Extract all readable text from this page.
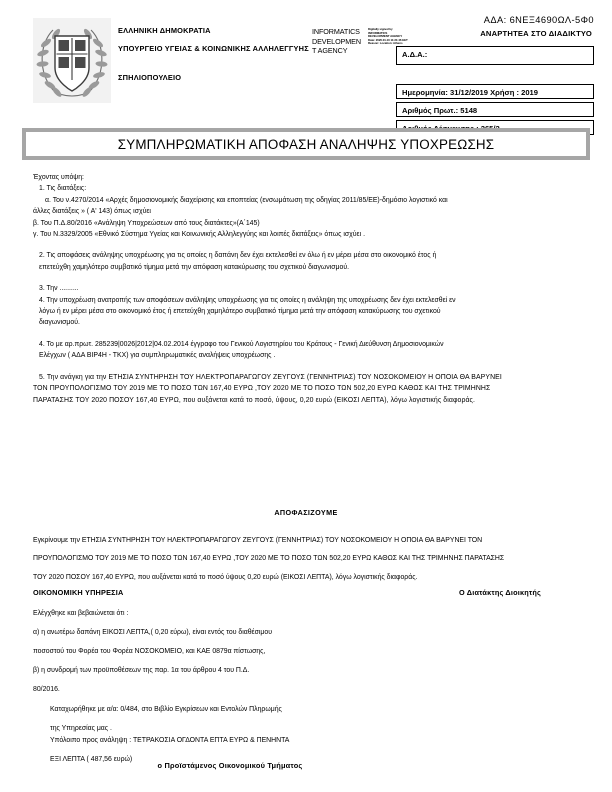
ΕΛΛΗΝΙΚΗ ΔΗΜΟΚΡΑΤΙΑ
ΥΠΟΥΡΓΕΙΟ ΥΓΕΙΑΣ & ΚΟΙΝΩΝΙΚΗΣ ΑΛΛΗΛΕΓΓΥΗΣ
ΣΠΗΛΙΟΠΟΥΛΕΙΟ
INFORMATICS
DEVELOPMEN
T AGENCY
Digitally signed by INFORMATICS DEVELOPMENT AGENCY Date: 2020.01.10 11:21:46 EET Reason: Location: Athens
ΑΔΑ: 6ΝΕΞ4690ΩΛ-5Φ0
ΑΝΑΡΤΗΤΕΑ ΣΤΟ ΔΙΑΔΙΚΤΥΟ
Α.Δ.Α.:
Ημερομηνία: 31/12/2019 Χρήση : 2019
Αριθμός Πρωτ.: 5148
ΣΥΜΠΛΗΡΩΜΑΤΙΚΗ ΑΠΟΦΑΣΗ ΑΝΑΛΗΨΗΣ ΥΠΟΧΡΕΩΣΗΣ

Έχοντας υπόψη:

1. Τις διατάξεις:

α. Του ν.4270/2014 «Αρχές δημοσιονομικής διαχείρισης και εποπτείας (ενσωμάτωση της οδηγίας 2011/85/ΕΕ)-δημόσιο λογιστικό και

άλλες διατάξεις » ( Α' 143) όπως ισχύει

β. Του Π.Δ.80/2016 «Ανάληψη Υποχρεώσεων από τους διατάκτες»(Α΄145)

γ. Του Ν.3329/2005 «Εθνικό Σύστημα Υγείας και Κοινωνικής Αλληλεγγύης και λοιπές διατάξεις» όπως ισχύει .

2. Τις αποφάσεις ανάληψης υποχρέωσης για τις οποίες η δαπάνη δεν έχει εκτελεσθεί εν όλω ή εν μέρει μέσα στο οικονομικό έτος ή

επετεύχθη χαμηλότερο συμβατικό τίμημα μετά την απόφαση κατακύρωσης του σχετικού διαγωνισμού.

3. Την ..........

4. Την υποχρέωση ανατροπής των αποφάσεων ανάληψης υποχρέωσης για τις οποίες η ανάληψη της υποχρέωσης δεν έχει εκτελεσθεί εν

λόγω ή εν μέρει μέσα στο οικονομικό έτος ή επετεύχθη χαμηλότερο συμβατικό τίμημα μετά την απόφαση κατακύρωσης του σχετικού

διαγωνισμού.

4. Το με αρ.πρωτ. 285239|0026|2012|04.02.2014 έγγραφο του Γενικού Λογιστηρίου του Κράτους - Γενική Διεύθυνση Δημοσιονομικών

Ελέγχων ( ΑΔΑ ΒΙΡ4Η - ΤΚΧ) για συμπληρωματικές αναλήψεις υποχρέωσης .

5. Την ανάγκη για την ΕΤΗΣΙΑ ΣΥΝΤΗΡΗΣΗ ΤΟΥ ΗΛΕΚΤΡΟΠΑΡΑΓΩΓΟΥ ΖΕΥΓΟΥΣ (ΓΕΝΝΗΤΡΙΑΣ) ΤΟΥ ΝΟΣΟΚΟΜΕΙΟΥ Η ΟΠΟΙΑ ΘΑ ΒΑΡΥΝΕΙ

ΤΟΝ ΠΡΟΥΠΟΛΟΓΙΣΜΟ ΤΟΥ 2019 ΜΕ ΤΟ ΠΟΣΟ ΤΩΝ 167,40 ΕΥΡΩ ,ΤΟΥ 2020 ΜΕ ΤΟ ΠΟΣΟ ΤΩΝ 502,20 ΕΥΡΩ ΚΑΘΩΣ ΚΑΙ ΤΗΣ ΤΡΙΜΗΝΗΣ

ΠΑΡΑΤΑΣΗΣ ΤΟΥ 2020 ΠΟΣΟΥ 167,40 ΕΥΡΩ, που αυξάνεται κατά το ποσό, ύψους, 0,20 ευρώ (ΕΙΚΟΣΙ ΛΕΠΤΑ), λόγω λογιστικής διαφοράς.

ΑΠΟΦΑΣΙΖΟΥΜΕ

Εγκρίνουμε την ΕΤΗΣΙΑ ΣΥΝΤΗΡΗΣΗ ΤΟΥ ΗΛΕΚΤΡΟΠΑΡΑΓΩΓΟΥ ΖΕΥΓΟΥΣ (ΓΕΝΝΗΤΡΙΑΣ) ΤΟΥ ΝΟΣΟΚΟΜΕΙΟΥ Η ΟΠΟΙΑ ΘΑ ΒΑΡΥΝΕΙ ΤΟΝ

ΠΡΟΥΠΟΛΟΓΙΣΜΟ ΤΟΥ 2019 ΜΕ ΤΟ ΠΟΣΟ ΤΩΝ 167,40 ΕΥΡΩ ,ΤΟΥ 2020 ΜΕ ΤΟ ΠΟΣΟ ΤΩΝ 502,20 ΕΥΡΩ ΚΑΘΩΣ ΚΑΙ ΤΗΣ ΤΡΙΜΗΝΗΣ ΠΑΡΑΤΑΣΗΣ

ΤΟΥ 2020 ΠΟΣΟΥ 167,40 ΕΥΡΩ, που αυξάνεται κατά το ποσό ύψους 0,20 ευρώ (ΕΙΚΟΣΙ ΛΕΠΤΑ), λόγω λογιστικής διαφοράς.

ΟΙΚΟΝΟΜΙΚΗ ΥΠΗΡΕΣΙΑ

Ελέγχθηκε και βεβαιώνεται ότι :

α) η ανωτέρω δαπάνη ΕΙΚΟΣΙ ΛΕΠΤΑ,( 0,20 εύρω), είναι εντός του διαθέσιμου

ποσοστού του Φορέα του Φορέα ΝΟΣΟΚΟΜΕΙΟ, και ΚΑΕ 0879α πίστωσης,

β) η συνδρομή των προϋποθέσεων της παρ. 1α του άρθρου 4 του Π.Δ.

80/2016.

Ο Διατάκτης Διοικητής

Καταχωρήθηκε με α/α: 0/484, στο Βιβλίο Εγκρίσεων και Εντολών Πληρωμής

της Υπηρεσίας μας .

Υπόλοιπο προς ανάληψη : ΤΕΤΡΑΚΟΣΙΑ ΟΓΔΟΝΤΑ ΕΠΤΑ ΕΥΡΩ & ΠΕΝΗΝΤΑ

ΕΞΙ ΛΕΠΤΑ ( 487,56 ευρώ)

ο Προϊστάμενος Οικονομικού Τμήματος
